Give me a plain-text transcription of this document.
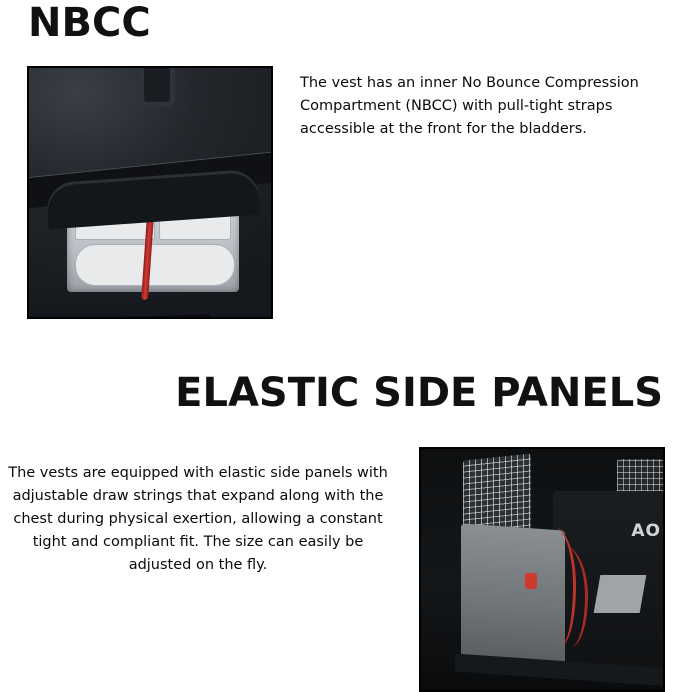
NBCC
The vest has an inner No Bounce Compression Compartment (NBCC) with pull-tight straps accessible at the front for the bladders.
ELASTIC SIDE PANELS
The vests are equipped with elastic side panels with adjustable draw strings that expand along with the chest during physical exertion, allowing a constant tight and compliant fit. The size can easily be adjusted on the fly.
AO
